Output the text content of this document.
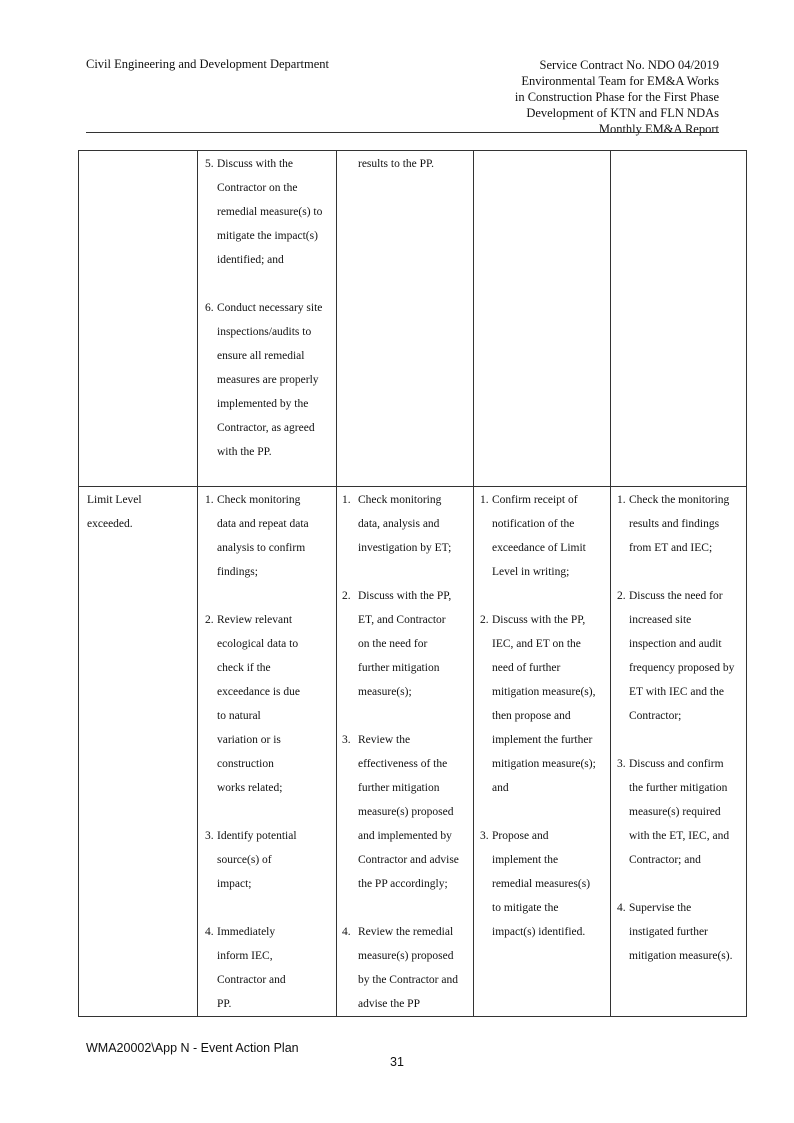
Civil Engineering and Development Department	Service Contract No. NDO 04/2019
Environmental Team for EM&A Works
in Construction Phase for the First Phase
Development of KTN and FLN NDAs
Monthly EM&A Report
5. Discuss with the
Contractor on the
remedial measure(s) to
mitigate the impact(s)
identified; and
6. Conduct necessary site
inspections/audits to
ensure all remedial
measures are properly
implemented by the
Contractor, as agreed
with the PP.

results to the PP.

Limit Level
exceeded.
1. Check monitoring
data and repeat data
analysis to confirm
findings;
2. Review relevant
ecological data to
check if the
exceedance is due
to natural
variation or is
construction
works related;
3. Identify potential
source(s) of
impact;
4. Immediately
inform IEC,
Contractor and
PP.
1. Check monitoring
data, analysis and
investigation by ET;
2. Discuss with the PP,
ET, and Contractor
on the need for
further mitigation
measure(s);
3. Review the
effectiveness of the
further mitigation
measure(s) proposed
and implemented by
Contractor and advise
the PP accordingly;
4. Review the remedial
measure(s) proposed
by the Contractor and
advise the PP
1. Confirm receipt of
notification of the
exceedance of Limit
Level in writing;
2. Discuss with the PP,
IEC, and ET on the
need of further
mitigation measure(s),
then propose and
implement the further
mitigation measure(s);
and
3. Propose and
implement the
remedial measures(s)
to mitigate the
impact(s) identified.
1. Check the monitoring
results and findings
from ET and IEC;
2. Discuss the need for
increased site
inspection and audit
frequency proposed by
ET with IEC and the
Contractor;
3. Discuss and confirm
the further mitigation
measure(s) required
with the ET, IEC, and
Contractor; and
4. Supervise the
instigated further
mitigation measure(s).
WMA20002\App N - Event Action Plan
31
